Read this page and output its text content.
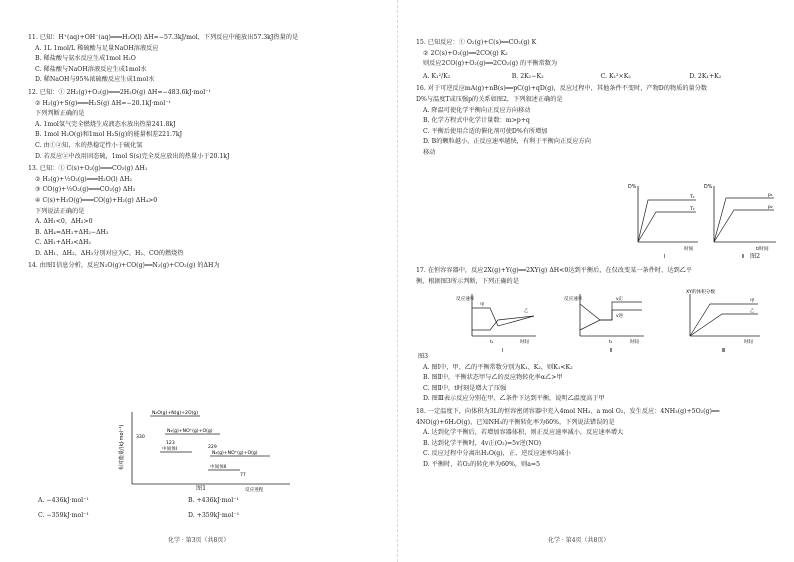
11. 已知：H⁺(aq)+OH⁻(aq)═══H₂O(l) ΔH=−57.3kJ/mol，下列反应中能放出57.3kJ热量的是
A. 1L 1mol/L 稀硫酸与足量NaOH溶液反应
B. 稀盐酸与氨水反应生成1mol H₂O
C. 稀盐酸与NaOH溶液反应生成1mol水
D. 稀NaOH与95%浓硫酸反应生成1mol水
12. 已知：① 2H₂(g)+O₂(g)═══2H₂O(g) ΔH=−483.6kJ·mol⁻¹
② H₂(g)+S(g)═══H₂S(g) ΔH=−20.1kJ·mol⁻¹
下列判断正确的是
A. 1mol氢气完全燃烧生成液态水放出热量241.8kJ
B. 1mol H₂O(g)和1mol H₂S(g)的能量相差221.7kJ
C. 由①②知，水的热稳定性小于硫化氢
D. 若反应②中改用固态硫，1mol S(s)完全反应放出的热量小于20.1kJ
13. 已知：① C(s)+O₂(g)═══CO₂(g) ΔH₁
② H₂(g)+½O₂(g)═══H₂O(l) ΔH₂
③ CO(g)+½O₂(g)═══CO₂(g) ΔH₃
④ C(s)+H₂O(g)═══CO(g)+H₂(g) ΔH₄>0
下列说法正确的是
A. ΔH₁<0，ΔH₃>0
B. ΔH₄=ΔH₁+ΔH₂−ΔH₃
C. ΔH₁+ΔH₃<ΔH₂
D. ΔH₁、ΔH₂、ΔH₃分别对应为C、H₂、CO的燃烧热
14. 由图1信息分析，反应N₂O(g)+CO(g)══N₂(g)+CO₂(g) 的ΔH为
相对能量/(kJ·mol⁻¹)
N₂O(g)+N(g)+2O(g)
330
N₂(g)+NO⁺(g)+O(g)
123
中间体Ⅰ	229
N₂(g)+NO⁺(g)+O(g)
中间体Ⅱ
77
反应进程
图1
A. −436kJ·mol⁻¹	B. +436kJ·mol⁻¹
C. −359kJ·mol⁻¹	D. +359kJ·mol⁻¹
化学 · 第3页（共8页）
15. 已知反应：① O₂(g)+C(s)══CO₂(g) K
② 2C(s)+O₂(g)══2CO(g) K₂
则反应2CO(g)+O₂(g)══2CO₂(g) 的平衡常数为
A. K₁²/K₂	B. 2K₁−K₂	C. K₁²×K₂	D. 2K₁+K₂
16. 对于可逆反应mA(g)+nB(s)══pC(g)+qD(g)，反应过程中，其他条件不变时，产物D的物质的量分数
D%与温度T或压强p的关系如图2，下列叙述正确的是
A. 降温可使化学平衡向正反应方向移动
B. 化学方程式中化学计量数：m>p+q
C. 平衡后使用合适的催化剂可使D%有所增加
D. B的颗粒越小，正反应速率越快，有利于平衡向正反应方向
移动
D%
T₁
T₂
时间
Ⅰ
D%
p₁
p₂
t/时间
Ⅱ 图2
17. 在恒容容器中，反应2X(g)+Y(g)══2XY(g) ΔH<0达到平衡后，在仅改变某一条件时，达到乙平
衡，根据图3所示判断，下列正确的是
反应速率
甲
乙
t₁	时间
Ⅰ
反应速率	v正
v逆
t₁	时间
Ⅱ
XY的体积分数
甲
乙
时间
Ⅲ
图3
A. 图Ⅰ中，甲、乙的平衡常数分别为K₁、K₂，则K₁<K₂
B. 图Ⅱ中，平衡状态甲与乙的反应物转化率α乙>甲
C. 图Ⅱ中，t时刻是增大了压强
D. 图Ⅲ表示反应分别在甲、乙条件下达到平衡，说明乙温度高于甲
18. 一定温度下，向体积为3L的恒容密闭容器中充入4mol NH₃、a mol O₂，发生反应：4NH₃(g)+5O₂(g)══
4NO(g)+6H₂O(g)，已知NH₃的平衡转化率为60%，下列说法错误的是
A. 达到化学平衡后，若增加容器体积，则正反应速率减小，反应速率增大
B. 达到化学平衡时，4v正(O₂)=5v逆(NO)
C. 反应过程中分离出H₂O(g)，正、逆反应速率均减小
D. 平衡时，若O₂的转化率为60%，则a=5
化学 · 第4页（共8页）
